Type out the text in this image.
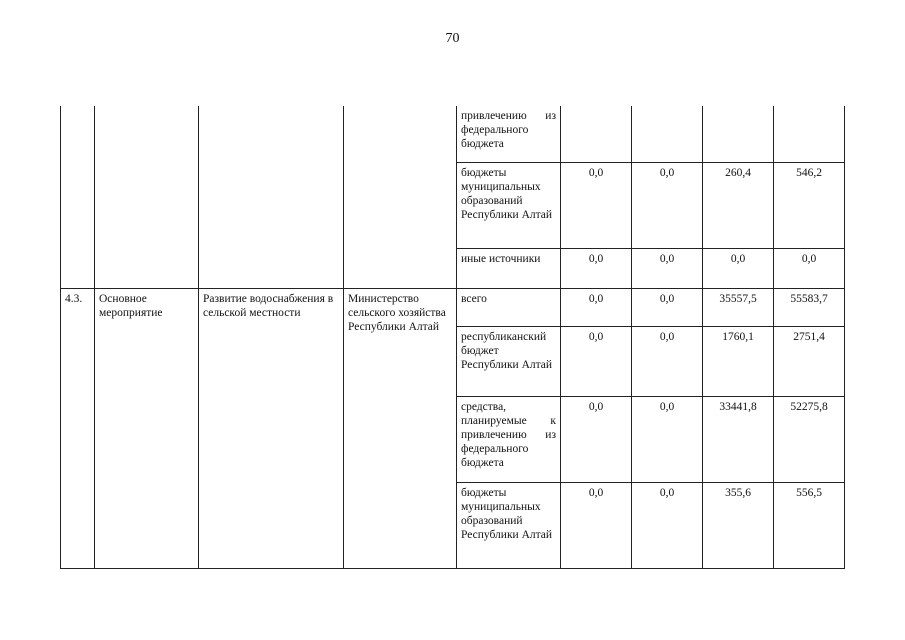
70
				привлечению из федерального бюджета				
				бюджеты муниципальных образований Республики Алтай	0,0	0,0	260,4	546,2
				иные источники	0,0	0,0	0,0	0,0
4.3.	Основное мероприятие	Развитие водоснабжения в сельской местности	Министерство сельского хозяйства Республики Алтай	всего	0,0	0,0	35557,5	55583,7
				республиканский бюджет Республики Алтай	0,0	0,0	1760,1	2751,4
				средства, планируемые к привлечению из федерального бюджета	0,0	0,0	33441,8	52275,8
				бюджеты муниципальных образований Республики Алтай	0,0	0,0	355,6	556,5
